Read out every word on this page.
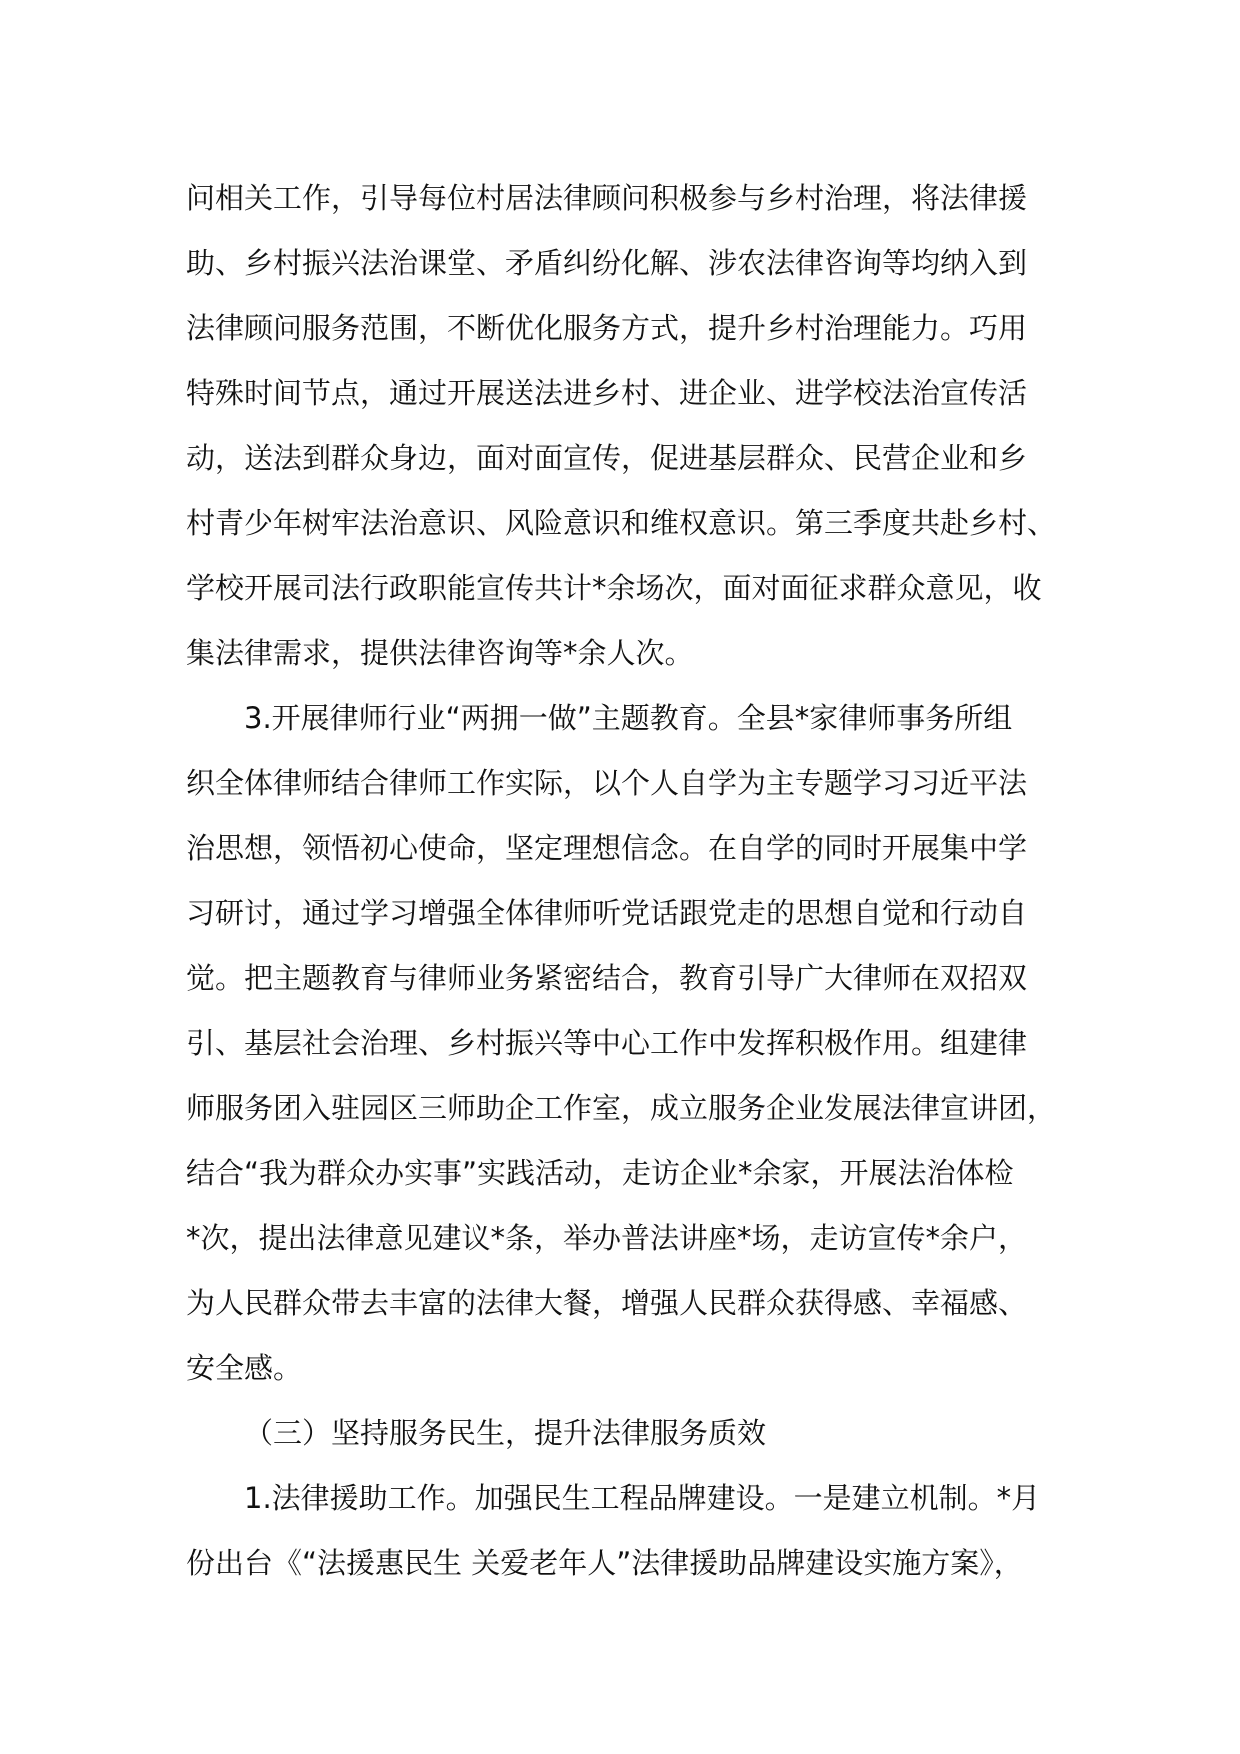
问相关工作，引导每位村居法律顾问积极参与乡村治理，将法律援
助、乡村振兴法治课堂、矛盾纠纷化解、涉农法律咨询等均纳入到
法律顾问服务范围，不断优化服务方式，提升乡村治理能力。巧用
特殊时间节点，通过开展送法进乡村、进企业、进学校法治宣传活
动，送法到群众身边，面对面宣传，促进基层群众、民营企业和乡
村青少年树牢法治意识、风险意识和维权意识。第三季度共赴乡村、
学校开展司法行政职能宣传共计*余场次，面对面征求群众意见，收
集法律需求，提供法律咨询等*余人次。
3.开展律师行业“两拥一做”主题教育。全县*家律师事务所组
织全体律师结合律师工作实际，以个人自学为主专题学习习近平法
治思想，领悟初心使命，坚定理想信念。在自学的同时开展集中学
习研讨，通过学习增强全体律师听党话跟党走的思想自觉和行动自
觉。把主题教育与律师业务紧密结合，教育引导广大律师在双招双
引、基层社会治理、乡村振兴等中心工作中发挥积极作用。组建律
师服务团入驻园区三师助企工作室，成立服务企业发展法律宣讲团，
结合“我为群众办实事”实践活动，走访企业*余家，开展法治体检
*次，提出法律意见建议*条，举办普法讲座*场，走访宣传*余户，
为人民群众带去丰富的法律大餐，增强人民群众获得感、幸福感、
安全感。
（三）坚持服务民生，提升法律服务质效
1.法律援助工作。加强民生工程品牌建设。一是建立机制。*月
份出台《“法援惠民生 关爱老年人”法律援助品牌建设实施方案》，
